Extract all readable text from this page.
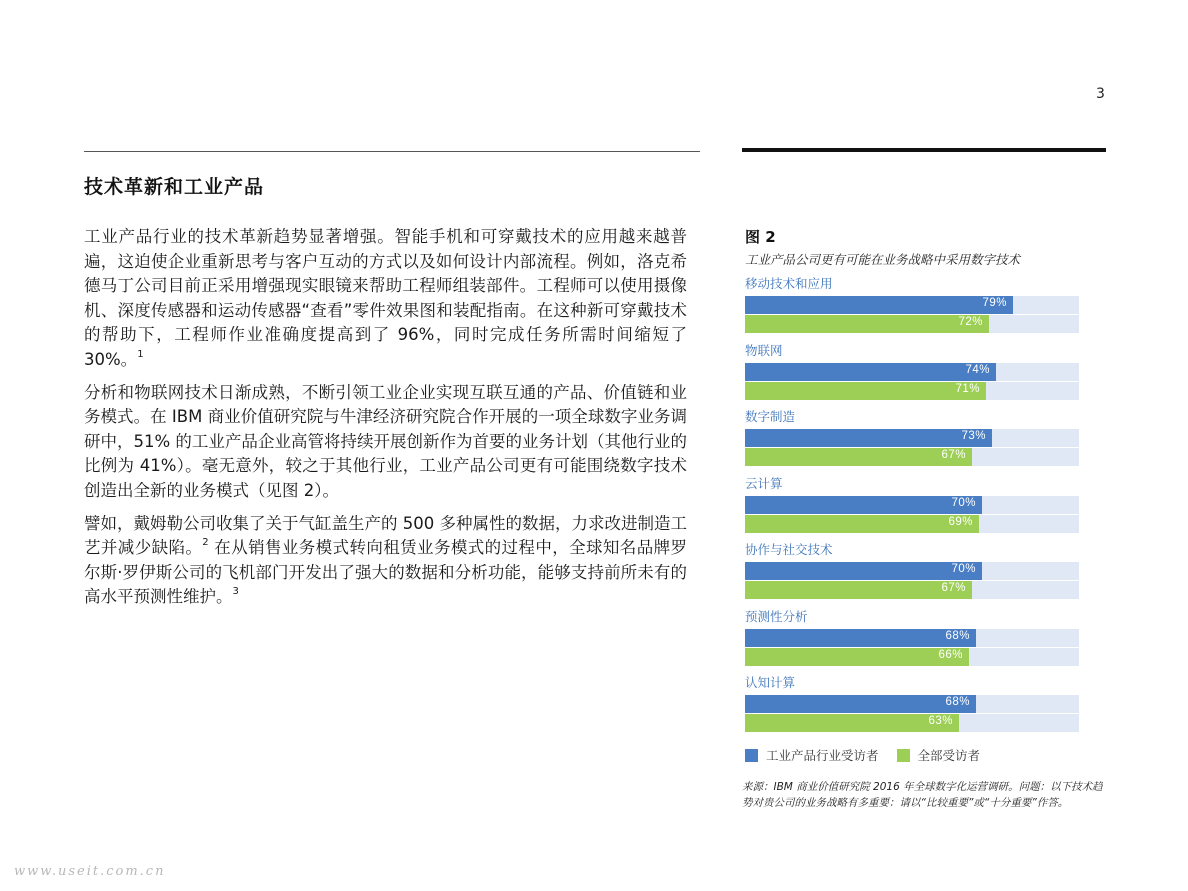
3
技术革新和工业产品

工业产品行业的技术革新趋势显著增强。智能手机和可穿戴技术的应用越来越普遍，这迫使企业重新思考与客户互动的方式以及如何设计内部流程。例如，洛克希德马丁公司目前正采用增强现实眼镜来帮助工程师组装部件。工程师可以使用摄像机、深度传感器和运动传感器“查看”零件效果图和装配指南。在这种新可穿戴技术的帮助下，工程师作业准确度提高到了 96%，同时完成任务所需时间缩短了 30%。$^1$

分析和物联网技术日渐成熟，不断引领工业企业实现互联互通的产品、价值链和业务模式。在 IBM 商业价值研究院与牛津经济研究院合作开展的一项全球数字业务调研中，51% 的工业产品企业高管将持续开展创新作为首要的业务计划（其他行业的比例为 41%）。毫无意外，较之于其他行业，工业产品公司更有可能围绕数字技术创造出全新的业务模式（见图 2）。

譬如，戴姆勒公司收集了关于气缸盖生产的 500 多种属性的数据，力求改进制造工艺并减少缺陷。$^2$ 在从销售业务模式转向租赁业务模式的过程中，全球知名品牌罗尔斯·罗伊斯公司的飞机部门开发出了强大的数据和分析功能，能够支持前所未有的高水平预测性维护。$^3$

图 2
工业产品公司更有可能在业务战略中采用数字技术
移动技术和应用
79%
72%
物联网
74%
71%
数字制造
73%
67%
云计算
70%
69%
协作与社交技术
70%
67%
预测性分析
68%
66%
认知计算
68%
63%
工业产品行业受访者
	全部受访者
来源：IBM 商业价值研究院 2016 年全球数字化运营调研。问题：以下技术趋势对贵公司的业务战略有多重要：请以“比较重要”或“十分重要”作答。
www.useit.com.cn
